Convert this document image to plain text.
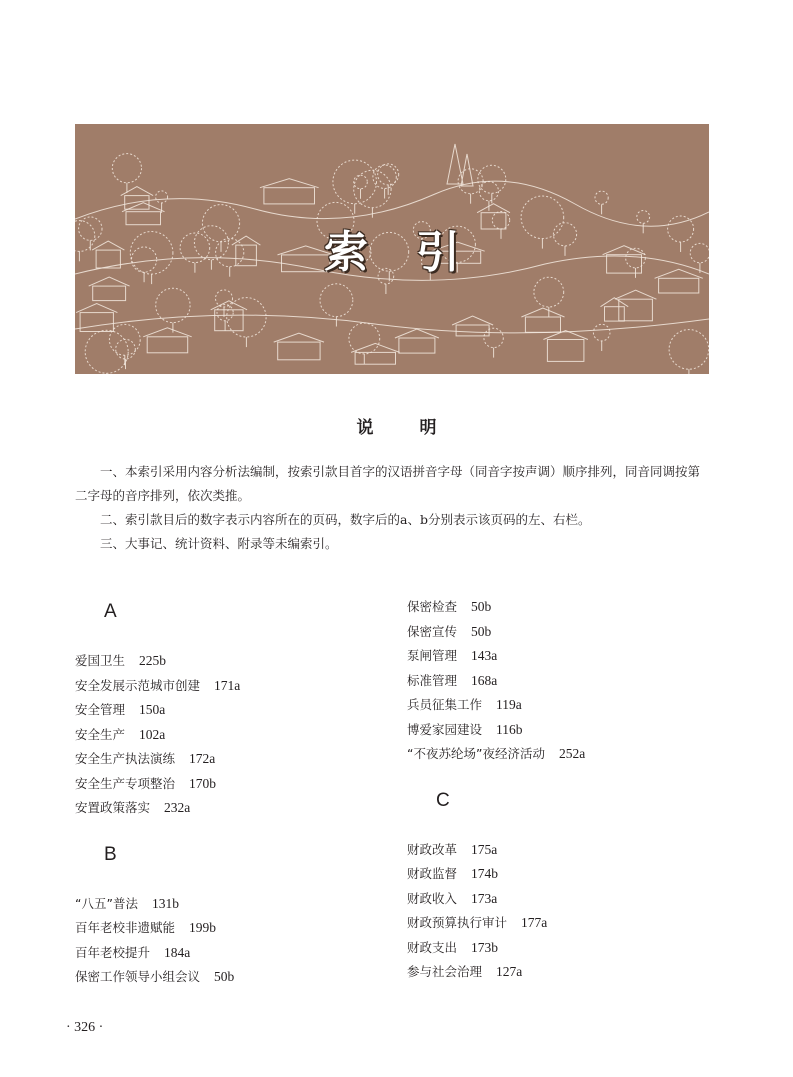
索引
说 明

一、本索引采用内容分析法编制，按索引款目首字的汉语拼音字母（同音字按声调）顺序排列，同音同调按第二字母的音序排列，依次类推。

二、索引款目后的数字表示内容所在的页码，数字后的a、b分别表示该页码的左、右栏。

三、大事记、统计资料、附录等未编索引。

A
爱国卫生 225b
安全发展示范城市创建 171a
安全管理 150a
安全生产 102a
安全生产执法演练 172a
安全生产专项整治 170b
安置政策落实 232a
B
“八五”普法 131b
百年老校非遗赋能 199b
百年老校提升 184a
保密工作领导小组会议 50b
保密检查 50b
保密宣传 50b
泵闸管理 143a
标准管理 168a
兵员征集工作 119a
博爱家园建设 116b
“不夜苏纶场”夜经济活动 252a
C
财政改革 175a
财政监督 174b
财政收入 173a
财政预算执行审计 177a
财政支出 173b
参与社会治理 127a
· 326 ·
